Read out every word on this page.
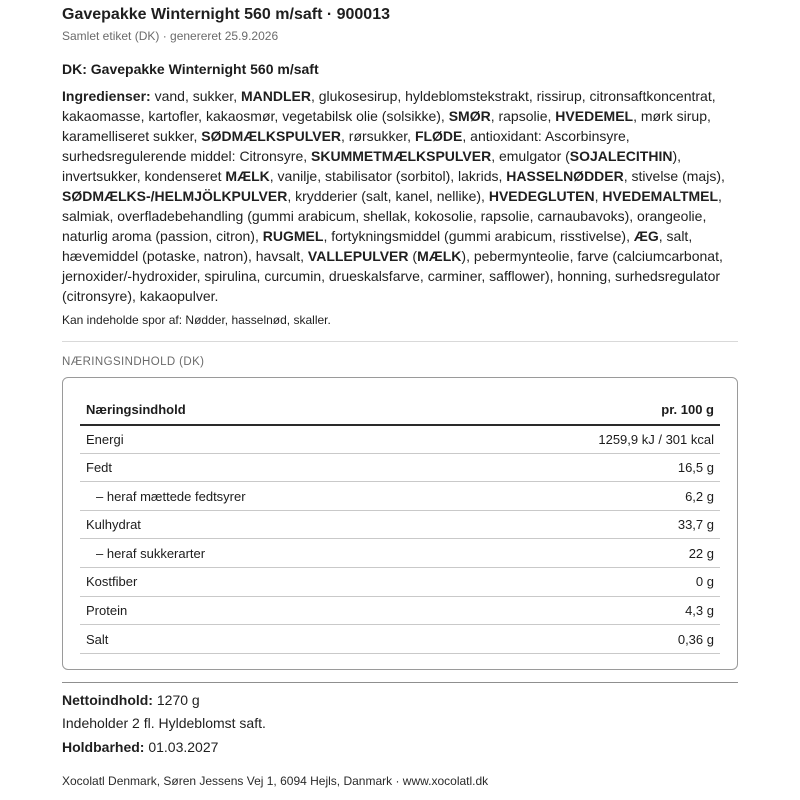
Gavepakke Winternight 560 m/saft · 900013
Samlet etiket (DK) · genereret 25.9.2026
DK: Gavepakke Winternight 560 m/saft
Ingredienser: vand, sukker, MANDLER, glukosesirup, hyldeblomstekstrakt, rissirup, citronsaftkoncentrat,
kakaomasse, kartofler, kakaosmør, vegetabilsk olie (solsikke), SMØR, rapsolie, HVEDEMEL, mørk sirup,
karamelliseret sukker, SØDMÆLKSPULVER, rørsukker, FLØDE, antioxidant: Ascorbinsyre,
surhedsregulerende middel: Citronsyre, SKUMMETMÆLKSPULVER, emulgator (SOJALECITHIN),
invertsukker, kondenseret MÆLK, vanilje, stabilisator (sorbitol), lakrids, HASSELNØDDER, stivelse (majs),
SØDMÆLKS-/HELMJÖLKPULVER, krydderier (salt, kanel, nellike), HVEDEGLUTEN, HVEDEMALTMEL,
salmiak, overfladebehandling (gummi arabicum, shellak, kokosolie, rapsolie, carnaubavoks), orangeolie,
naturlig aroma (passion, citron), RUGMEL, fortykningsmiddel (gummi arabicum, risstivelse), ÆG, salt,
hævemiddel (potaske, natron), havsalt, VALLEPULVER (MÆLK), pebermynteolie, farve (calciumcarbonat,
jernoxider/-hydroxider, spirulina, curcumin, drueskalsfarve, carminer, safflower), honning, surhedsregulator
(citronsyre), kakaopulver.
Kan indeholde spor af: Nødder, hasselnød, skaller.
NÆRINGSINDHOLD (DK)
Næringsindhold	pr. 100 g
Energi	1259,9 kJ / 301 kcal
Fedt	16,5 g
– heraf mættede fedtsyrer	6,2 g
Kulhydrat	33,7 g
– heraf sukkerarter	22 g
Kostfiber	0 g
Protein	4,3 g
Salt	0,36 g
Nettoindhold: 1270 g
Indeholder 2 fl. Hyldeblomst saft.
Holdbarhed: 01.03.2027
Xocolatl Denmark, Søren Jessens Vej 1, 6094 Hejls, Danmark · www.xocolatl.dk
